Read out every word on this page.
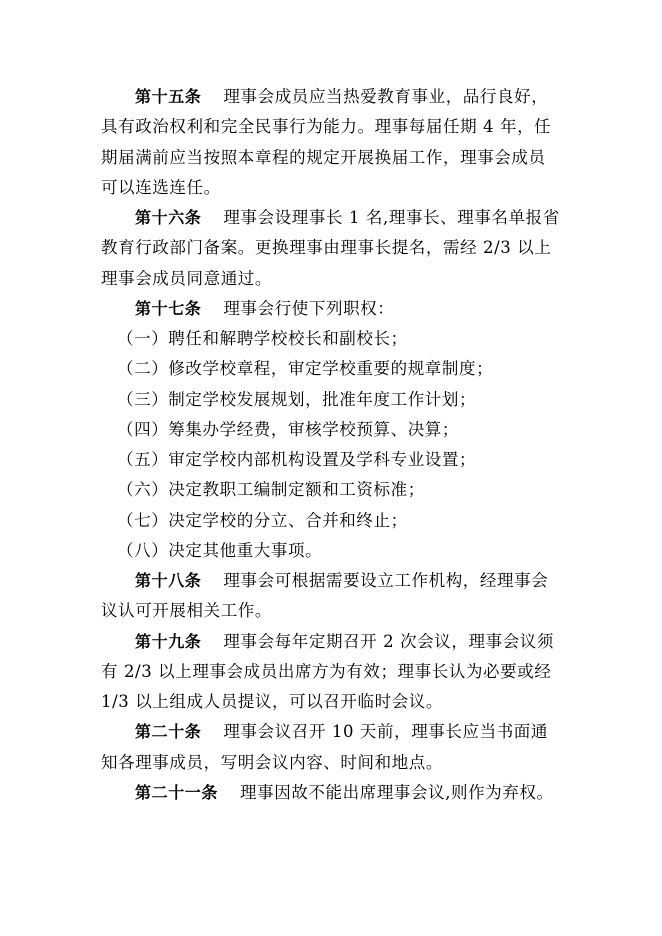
第十五条 理事会成员应当热爱教育事业，品行良好，
具有政治权利和完全民事行为能力。理事每届任期 4 年，任
期届满前应当按照本章程的规定开展换届工作，理事会成员
可以连选连任。
第十六条 理事会设理事长 1 名,理事长、理事名单报省
教育行政部门备案。更换理事由理事长提名，需经 2/3 以上
理事会成员同意通过。
第十七条 理事会行使下列职权：
（一）聘任和解聘学校校长和副校长；
（二）修改学校章程，审定学校重要的规章制度；
（三）制定学校发展规划，批准年度工作计划；
（四）筹集办学经费，审核学校预算、决算；
（五）审定学校内部机构设置及学科专业设置；
（六）决定教职工编制定额和工资标准；
（七）决定学校的分立、合并和终止；
（八）决定其他重大事项。
第十八条 理事会可根据需要设立工作机构，经理事会
议认可开展相关工作。
第十九条 理事会每年定期召开 2 次会议，理事会议须
有 2/3 以上理事会成员出席方为有效；理事长认为必要或经
1/3 以上组成人员提议，可以召开临时会议。
第二十条 理事会议召开 10 天前，理事长应当书面通
知各理事成员，写明会议内容、时间和地点。
第二十一条 理事因故不能出席理事会议,则作为弃权。
